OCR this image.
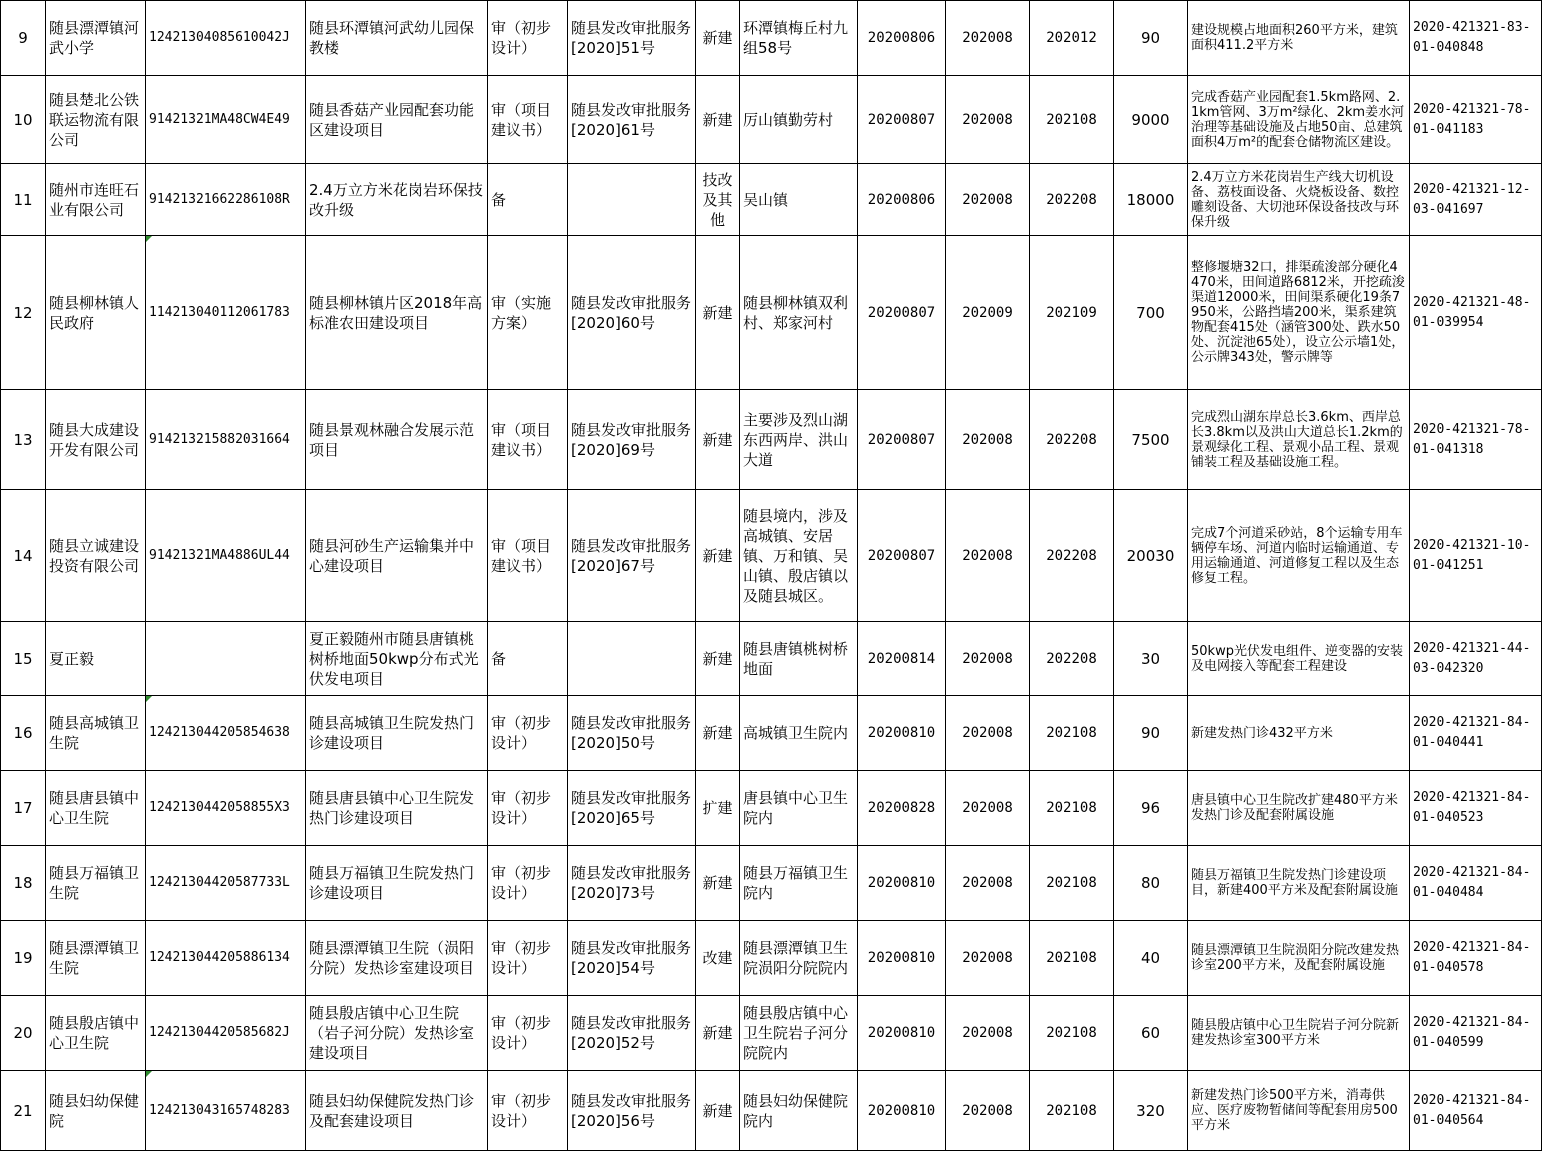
9	随县漂潭镇河武小学	12421304085610042J	随县环潭镇河武幼儿园保教楼	审（初步设计）	随县发改审批服务[2020]51号	新建	环潭镇梅丘村九组58号	20200806	202008	202012	90	建设规模占地面积260平方米，建筑面积411.2平方米	2020-421321-83-01-040848
10	随县楚北公铁联运物流有限公司	91421321MA48CW4E49	随县香菇产业园配套功能区建设项目	审（项目建议书）	随县发改审批服务[2020]61号	新建	厉山镇勤劳村	20200807	202008	202108	9000	完成香菇产业园配套1.5km路网、2.1km管网、3万m²绿化、2km姜水河治理等基础设施及占地50亩、总建筑面积4万m²的配套仓储物流区建设。	2020-421321-78-01-041183
11	随州市连旺石业有限公司	91421321662286108R	2.4万立方米花岗岩环保技改升级	备		技改及其他	吴山镇	20200806	202008	202208	18000	2.4万立方米花岗岩生产线大切机设备、荔枝面设备、火烧板设备、数控雕刻设备、大切池环保设备技改与环保升级	2020-421321-12-03-041697
12	随县柳林镇人民政府	114213040112061783	随县柳林镇片区2018年高标准农田建设项目	审（实施方案）	随县发改审批服务[2020]60号	新建	随县柳林镇双利村、郑家河村	20200807	202009	202109	700	整修堰塘32口，排渠疏浚部分硬化4470米，田间道路6812米，开挖疏浚渠道12000米，田间渠系硬化19条7950米，公路挡墙200米，渠系建筑物配套415处（涵管300处、跌水50处、沉淀池65处），设立公示墙1处，公示牌343处，警示牌等	2020-421321-48-01-039954
13	随县大成建设开发有限公司	914213215882031664	随县景观林融合发展示范项目	审（项目建议书）	随县发改审批服务[2020]69号	新建	主要涉及烈山湖东西两岸、洪山大道	20200807	202008	202208	7500	完成烈山湖东岸总长3.6km、西岸总长3.8km以及洪山大道总长1.2km的景观绿化工程、景观小品工程、景观铺装工程及基础设施工程。	2020-421321-78-01-041318
14	随县立诚建设投资有限公司	91421321MA4886UL44	随县河砂生产运输集并中心建设项目	审（项目建议书）	随县发改审批服务[2020]67号	新建	随县境内，涉及高城镇、安居镇、万和镇、吴山镇、殷店镇以及随县城区。	20200807	202008	202208	20030	完成7个河道采砂站，8个运输专用车辆停车场、河道内临时运输通道、专用运输通道、河道修复工程以及生态修复工程。	2020-421321-10-01-041251
15	夏正毅		夏正毅随州市随县唐镇桃树桥地面50kwp分布式光伏发电项目	备		新建	随县唐镇桃树桥地面	20200814	202008	202208	30	50kwp光伏发电组件、逆变器的安装及电网接入等配套工程建设	2020-421321-44-03-042320
16	随县高城镇卫生院	124213044205854638	随县高城镇卫生院发热门诊建设项目	审（初步设计）	随县发改审批服务[2020]50号	新建	高城镇卫生院内	20200810	202008	202108	90	新建发热门诊432平方米	2020-421321-84-01-040441
17	随县唐县镇中心卫生院	1242130442058855X3	随县唐县镇中心卫生院发热门诊建设项目	审（初步设计）	随县发改审批服务[2020]65号	扩建	唐县镇中心卫生院内	20200828	202008	202108	96	唐县镇中心卫生院改扩建480平方米发热门诊及配套附属设施	2020-421321-84-01-040523
18	随县万福镇卫生院	12421304420587733L	随县万福镇卫生院发热门诊建设项目	审（初步设计）	随县发改审批服务[2020]73号	新建	随县万福镇卫生院内	20200810	202008	202108	80	随县万福镇卫生院发热门诊建设项目，新建400平方米及配套附属设施	2020-421321-84-01-040484
19	随县漂潭镇卫生院	124213044205886134	随县漂潭镇卫生院（涢阳分院）发热诊室建设项目	审（初步设计）	随县发改审批服务[2020]54号	改建	随县漂潭镇卫生院涢阳分院院内	20200810	202008	202108	40	随县漂潭镇卫生院涢阳分院改建发热诊室200平方米，及配套附属设施	2020-421321-84-01-040578
20	随县殷店镇中心卫生院	12421304420585682J	随县殷店镇中心卫生院（岩子河分院）发热诊室建设项目	审（初步设计）	随县发改审批服务[2020]52号	新建	随县殷店镇中心卫生院岩子河分院院内	20200810	202008	202108	60	随县殷店镇中心卫生院岩子河分院新建发热诊室300平方米	2020-421321-84-01-040599
21	随县妇幼保健院	124213043165748283	随县妇幼保健院发热门诊及配套建设项目	审（初步设计）	随县发改审批服务[2020]56号	新建	随县妇幼保健院院内	20200810	202008	202108	320	新建发热门诊500平方米，消毒供应、医疗废物暂储间等配套用房500平方米	2020-421321-84-01-040564
